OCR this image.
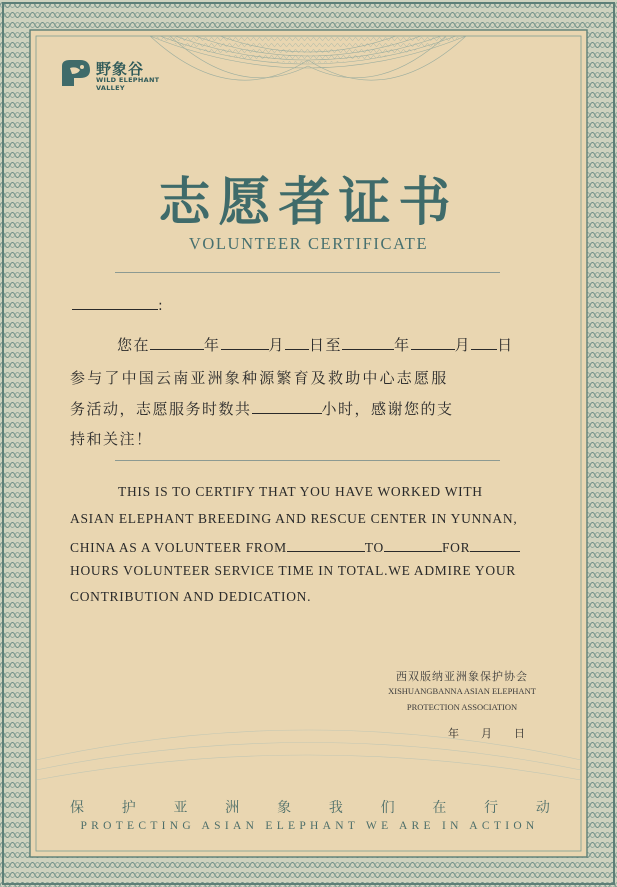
野象谷
WILD ELEPHANT
VALLEY
志愿者证书
VOLUNTEER CERTIFICATE
:
您在	年	月 日至	年	月 日
参与了中国云南亚洲象种源繁育及救助中心志愿服
务活动，志愿服务时数共	小时，感谢您的支
持和关注！
THIS IS TO CERTIFY THAT YOU HAVE WORKED WITH
ASIAN ELEPHANT BREEDING AND RESCUE CENTER IN YUNNAN,
CHINA AS A VOLUNTEER FROM	TO	FOR
HOURS VOLUNTEER SERVICE TIME IN TOTAL.WE ADMIRE YOUR
CONTRIBUTION AND DEDICATION.
西双版纳亚洲象保护协会
XISHUANGBANNA ASIAN ELEPHANT
PROTECTION ASSOCIATION
年 月 日
保	护	亚	洲	象	我	们	在	行	动
PROTECTING ASIAN ELEPHANT WE ARE IN ACTION
